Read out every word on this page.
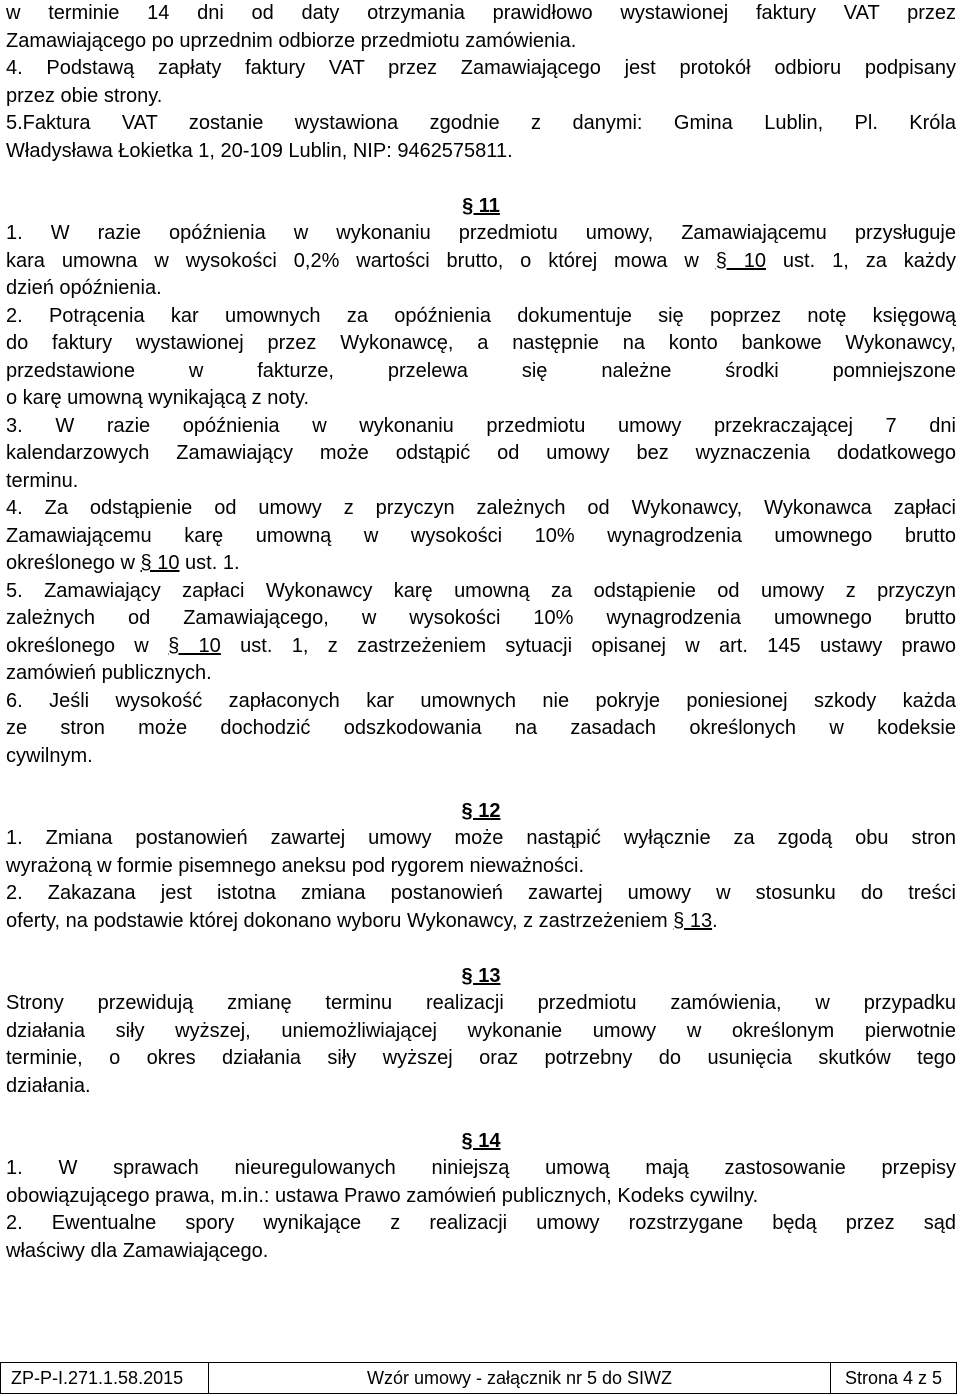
w terminie 14 dni od daty otrzymania prawidłowo wystawionej faktury VAT przez
Zamawiającego po uprzednim odbiorze przedmiotu zamówienia.
4. Podstawą zapłaty faktury VAT przez Zamawiającego jest protokół odbioru podpisany
przez obie strony.
5.Faktura VAT zostanie wystawiona zgodnie z danymi: Gmina Lublin, Pl. Króla
Władysława Łokietka 1, 20-109 Lublin, NIP: 9462575811.
§ 11
1. W razie opóźnienia w wykonaniu przedmiotu umowy, Zamawiającemu przysługuje
kara umowna w wysokości 0,2% wartości brutto, o której mowa w § 10 ust. 1, za każdy
dzień opóźnienia.
2. Potrącenia kar umownych za opóźnienia dokumentuje się poprzez notę księgową
do faktury wystawionej przez Wykonawcę, a następnie na konto bankowe Wykonawcy,
przedstawione w fakturze, przelewa się należne środki pomniejszone
o karę umowną wynikającą z noty.
3. W razie opóźnienia w wykonaniu przedmiotu umowy przekraczającej 7 dni
kalendarzowych Zamawiający może odstąpić od umowy bez wyznaczenia dodatkowego
terminu.
4. Za odstąpienie od umowy z przyczyn zależnych od Wykonawcy, Wykonawca zapłaci
Zamawiającemu karę umowną w wysokości 10% wynagrodzenia umownego brutto
określonego w § 10 ust. 1.
5. Zamawiający zapłaci Wykonawcy karę umowną za odstąpienie od umowy z przyczyn
zależnych od Zamawiającego, w wysokości 10% wynagrodzenia umownego brutto
określonego w § 10 ust. 1, z zastrzeżeniem sytuacji opisanej w art. 145 ustawy prawo
zamówień publicznych.
6. Jeśli wysokość zapłaconych kar umownych nie pokryje poniesionej szkody każda
ze stron może dochodzić odszkodowania na zasadach określonych w kodeksie
cywilnym.
§ 12
1. Zmiana postanowień zawartej umowy może nastąpić wyłącznie za zgodą obu stron
wyrażoną w formie pisemnego aneksu pod rygorem nieważności.
2. Zakazana jest istotna zmiana postanowień zawartej umowy w stosunku do treści
oferty, na podstawie której dokonano wyboru Wykonawcy, z zastrzeżeniem § 13.
§ 13
Strony przewidują zmianę terminu realizacji przedmiotu zamówienia, w przypadku
działania siły wyższej, uniemożliwiającej wykonanie umowy w określonym pierwotnie
terminie, o okres działania siły wyższej oraz potrzebny do usunięcia skutków tego
działania.
§ 14
1. W sprawach nieuregulowanych niniejszą umową mają zastosowanie przepisy
obowiązującego prawa, m.in.: ustawa Prawo zamówień publicznych, Kodeks cywilny.
2. Ewentualne spory wynikające z realizacji umowy rozstrzygane będą przez sąd
właściwy dla Zamawiającego.
ZP-P-I.271.1.58.2015	Wzór umowy - załącznik nr 5 do SIWZ	Strona 4 z 5
